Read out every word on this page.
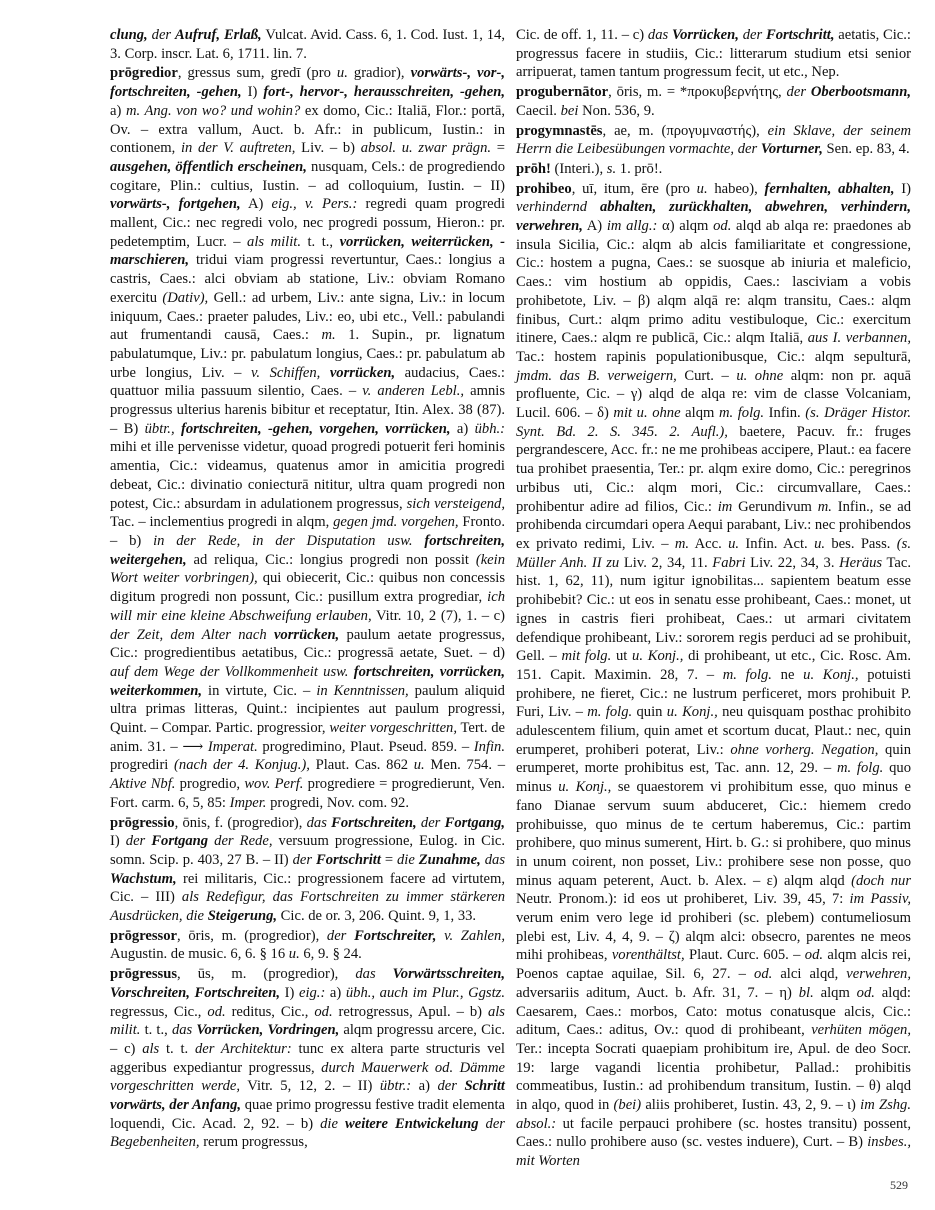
clung, der Aufruf, Erlaß, Vulcat. Avid. Cass. 6, 1. Cod. Iust. 1, 14, 3. Corp. inscr. Lat. 6, 1711. lin. 7.

prōgredior, gressus sum, gredī (pro u. gradior), vorwärts-, vor-, fortschreiten, -gehen, I) fort-, hervor-, herausschreiten, -gehen, a) m. Ang. von wo? und wohin? ex domo, Cic.: Italiā, Flor.: portā, Ov. – extra vallum, Auct. b. Afr.: in publicum, Iustin.: in contionem, in der V. auftreten, Liv. – b) absol. u. zwar prägn. = ausgehen, öffentlich erscheinen, nusquam, Cels.: de progrediendo cogitare, Plin.: cultius, Iustin. – ad colloquium, Iustin. – II) vorwärts-, fortgehen, A) eig., v. Pers.: regredi quam progredi mallent, Cic.: nec regredi volo, nec progredi possum, Hieron.: pr. pedetemptim, Lucr. – als milit. t. t., vorrücken, weiterrücken, -marschieren, tridui viam progressi revertuntur, Caes.: longius a castris, Caes.: alci obviam ab statione, Liv.: obviam Romano exercitu (Dativ), Gell.: ad urbem, Liv.: ante signa, Liv.: in locum iniquum, Caes.: praeter paludes, Liv.: eo, ubi etc., Vell.: pabulandi aut frumentandi causā, Caes.: m. 1. Supin., pr. lignatum pabulatumque, Liv.: pr. pabulatum longius, Caes.: pr. pabulatum ab urbe longius, Liv. – v. Schiffen, vorrücken, audacius, Caes.: quattuor milia passuum silentio, Caes. – v. anderen Lebl., amnis progressus ulterius harenis bibitur et receptatur, Itin. Alex. 38 (87). – B) übtr., fortschreiten, -gehen, vorgehen, vorrücken, a) übh.: mihi et ille pervenisse videtur, quoad progredi potuerit feri hominis amentia, Cic.: videamus, quatenus amor in amicitia progredi debeat, Cic.: divinatio coniecturā nititur, ultra quam progredi non potest, Cic.: absurdam in adulationem progressus, sich versteigend, Tac. – inclementius progredi in alqm, gegen jmd. vorgehen, Fronto. – b) in der Rede, in der Disputation usw. fortschreiten, weitergehen, ad reliqua, Cic.: longius progredi non possit (kein Wort weiter vorbringen), qui obiecerit, Cic.: quibus non concessis digitum progredi non possunt, Cic.: pusillum extra progrediar, ich will mir eine kleine Abschweifung erlauben, Vitr. 10, 2 (7), 1. – c) der Zeit, dem Alter nach vorrücken, paulum aetate progressus, Cic.: progredientibus aetatibus, Cic.: progressā aetate, Suet. – d) auf dem Wege der Vollkommenheit usw. fortschreiten, vorrücken, weiterkommen, in virtute, Cic. – in Kenntnissen, paulum aliquid ultra primas litteras, Quint.: incipientes aut paulum progressi, Quint. – Compar. Partic. progressior, weiter vorgeschritten, Tert. de anim. 31. – ⟶ Imperat. progredimino, Plaut. Pseud. 859. – Infin. progrediri (nach der 4. Konjug.), Plaut. Cas. 862 u. Men. 754. – Aktive Nbf. progredio, wov. Perf. progrediere = progredierunt, Ven. Fort. carm. 6, 5, 85: Imper. progredi, Nov. com. 92.

prōgressio, ōnis, f. (progredior), das Fortschreiten, der Fortgang, I) der Fortgang der Rede, versuum progressione, Eulog. in Cic. somn. Scip. p. 403, 27 B. – II) der Fortschritt = die Zunahme, das Wachstum, rei militaris, Cic.: progressionem facere ad virtutem, Cic. – III) als Redefigur, das Fortschreiten zu immer stärkeren Ausdrücken, die Steigerung, Cic. de or. 3, 206. Quint. 9, 1, 33.

prōgressor, ōris, m. (progredior), der Fortschreiter, v. Zahlen, Augustin. de music. 6, 6. § 16 u. 6, 9. § 24.

prōgressus, ūs, m. (progredior), das Vorwärtsschreiten, Vorschreiten, Fortschreiten, I) eig.: a) übh., auch im Plur., Ggstz. regressus, Cic., od. reditus, Cic., od. retrogressus, Apul. – b) als milit. t. t., das Vorrücken, Vordringen, alqm progressu arcere, Cic. – c) als t. t. der Architektur: tunc ex altera parte structuris vel aggeribus expediantur progressus, durch Mauerwerk od. Dämme vorgeschritten werde, Vitr. 5, 12, 2. – II) übtr.: a) der Schritt vorwärts, der Anfang, quae primo progressu festive tradit elementa loquendi, Cic. Acad. 2, 92. – b) die weitere Entwickelung der Begebenheiten, rerum progressus,

Cic. de off. 1, 11. – c) das Vorrücken, der Fortschritt, aetatis, Cic.: progressus facere in studiis, Cic.: litterarum studium etsi senior arripuerat, tamen tantum progressum fecit, ut etc., Nep.

progubernātor, ōris, m. = *προκυβερνήτης, der Oberbootsmann, Caecil. bei Non. 536, 9.

progymnastēs, ae, m. (προγυμναστής), ein Sklave, der seinem Herrn die Leibesübungen vormachte, der Vorturner, Sen. ep. 83, 4.

prōh! (Interi.), s. 1. prō!.

prohibeo, uī, itum, ēre (pro u. habeo), fernhalten, abhalten, I) verhindernd abhalten, zurückhalten, abwehren, verhindern, verwehren, A) im allg.: α) alqm od. alqd ab alqa re: praedones ab insula Sicilia, Cic.: alqm ab alcis familiaritate et congressione, Cic.: hostem a pugna, Caes.: se suosque ab iniuria et maleficio, Caes.: vim hostium ab oppidis, Caes.: lasciviam a vobis prohibetote, Liv. – β) alqm alqā re: alqm transitu, Caes.: alqm finibus, Curt.: alqm primo aditu vestibuloque, Cic.: exercitum itinere, Caes.: alqm re publicā, Cic.: alqm Italiā, aus I. verbannen, Tac.: hostem rapinis populationibusque, Cic.: alqm sepulturā, jmdm. das B. verweigern, Curt. – u. ohne alqm: non pr. aquā profluente, Cic. – γ) alqd de alqa re: vim de classe Volcaniam, Lucil. 606. – δ) mit u. ohne alqm m. folg. Infin. (s. Dräger Histor. Synt. Bd. 2. S. 345. 2. Aufl.), baetere, Pacuv. fr.: fruges pergrandescere, Acc. fr.: ne me prohibeas accipere, Plaut.: ea facere tua prohibet praesentia, Ter.: pr. alqm exire domo, Cic.: peregrinos urbibus uti, Cic.: alqm mori, Cic.: circumvallare, Caes.: prohibentur adire ad filios, Cic.: im Gerundivum m. Infin., se ad prohibenda circumdari opera Aequi parabant, Liv.: nec prohibendos ex privato redimi, Liv. – m. Acc. u. Infin. Act. u. bes. Pass. (s. Müller Anh. II zu Liv. 2, 34, 11. Fabri Liv. 22, 34, 3. Heräus Tac. hist. 1, 62, 11), num igitur ignobilitas... sapientem beatum esse prohibebit? Cic.: ut eos in senatu esse prohibeant, Caes.: monet, ut ignes in castris fieri prohibeat, Caes.: ut armari civitatem defendique prohibeant, Liv.: sororem regis perduci ad se prohibuit, Gell. – mit folg. ut u. Konj., di prohibeant, ut etc., Cic. Rosc. Am. 151. Capit. Maximin. 28, 7. – m. folg. ne u. Konj., potuisti prohibere, ne fieret, Cic.: ne lustrum perficeret, mors prohibuit P. Furi, Liv. – m. folg. quin u. Konj., neu quisquam posthac prohibito adulescentem filium, quin amet et scortum ducat, Plaut.: nec, quin erumperet, prohiberi poterat, Liv.: ohne vorherg. Negation, quin erumperet, morte prohibitus est, Tac. ann. 12, 29. – m. folg. quo minus u. Konj., se quaestorem vi prohibitum esse, quo minus e fano Dianae servum suum abduceret, Cic.: hiemem credo prohibuisse, quo minus de te certum haberemus, Cic.: partim prohibere, quo minus sumerent, Hirt. b. G.: si prohibere, quo minus in unum coirent, non posset, Liv.: prohibere sese non posse, quo minus aquam peterent, Auct. b. Alex. – ε) alqm alqd (doch nur Neutr. Pronom.): id eos ut prohiberet, Liv. 39, 45, 7: im Passiv, verum enim vero lege id prohiberi (sc. plebem) contumeliosum plebi est, Liv. 4, 4, 9. – ζ) alqm alci: obsecro, parentes ne meos mihi prohibeas, vorenthältst, Plaut. Curc. 605. – od. alqm alcis rei, Poenos captae aquilae, Sil. 6, 27. – od. alci alqd, verwehren, adversariis aditum, Auct. b. Afr. 31, 7. – η) bl. alqm od. alqd: Caesarem, Caes.: morbos, Cato: motus conatusque alcis, Cic.: aditum, Caes.: aditus, Ov.: quod di prohibeant, verhüten mögen, Ter.: incepta Socrati quaepiam prohibitum ire, Apul. de deo Socr. 19: large vagandi licentia prohibetur, Pallad.: prohibitis commeatibus, Iustin.: ad prohibendum transitum, Iustin. – θ) alqd in alqo, quod in (bei) aliis prohiberet, Iustin. 43, 2, 9. – ι) im Zshg. absol.: ut facile perpauci prohibere (sc. hostes transitu) possent, Caes.: nullo prohibere auso (sc. vestes induere), Curt. – B) insbes., mit Worten

529
